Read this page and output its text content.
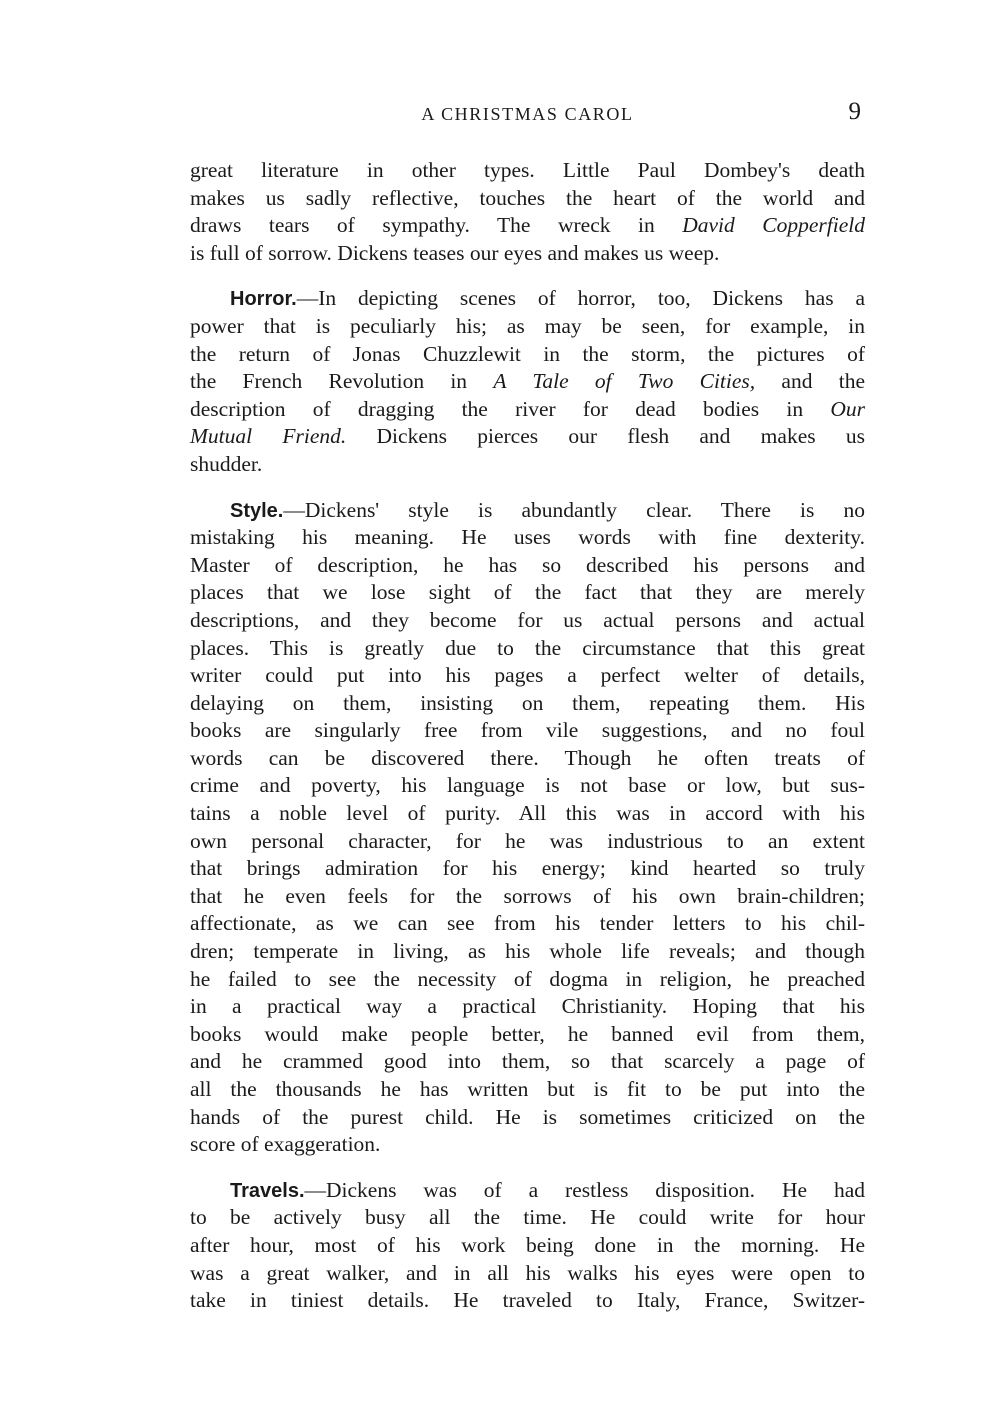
A CHRISTMAS CAROL	9
great literature in other types. Little Paul Dombey's death
makes us sadly reflective, touches the heart of the world and
draws tears of sympathy. The wreck in David Copperfield
is full of sorrow. Dickens teases our eyes and makes us weep.
Horror.—In depicting scenes of horror, too, Dickens has a
power that is peculiarly his; as may be seen, for example, in
the return of Jonas Chuzzlewit in the storm, the pictures of
the French Revolution in A Tale of Two Cities, and the
description of dragging the river for dead bodies in Our
Mutual Friend. Dickens pierces our flesh and makes us
shudder.
Style.—Dickens' style is abundantly clear. There is no
mistaking his meaning. He uses words with fine dexterity.
Master of description, he has so described his persons and
places that we lose sight of the fact that they are merely
descriptions, and they become for us actual persons and actual
places. This is greatly due to the circumstance that this great
writer could put into his pages a perfect welter of details,
delaying on them, insisting on them, repeating them. His
books are singularly free from vile suggestions, and no foul
words can be discovered there. Though he often treats of
crime and poverty, his language is not base or low, but sus-
tains a noble level of purity. All this was in accord with his
own personal character, for he was industrious to an extent
that brings admiration for his energy; kind hearted so truly
that he even feels for the sorrows of his own brain-children;
affectionate, as we can see from his tender letters to his chil-
dren; temperate in living, as his whole life reveals; and though
he failed to see the necessity of dogma in religion, he preached
in a practical way a practical Christianity. Hoping that his
books would make people better, he banned evil from them,
and he crammed good into them, so that scarcely a page of
all the thousands he has written but is fit to be put into the
hands of the purest child. He is sometimes criticized on the
score of exaggeration.
Travels.—Dickens was of a restless disposition. He had
to be actively busy all the time. He could write for hour
after hour, most of his work being done in the morning. He
was a great walker, and in all his walks his eyes were open to
take in tiniest details. He traveled to Italy, France, Switzer-
